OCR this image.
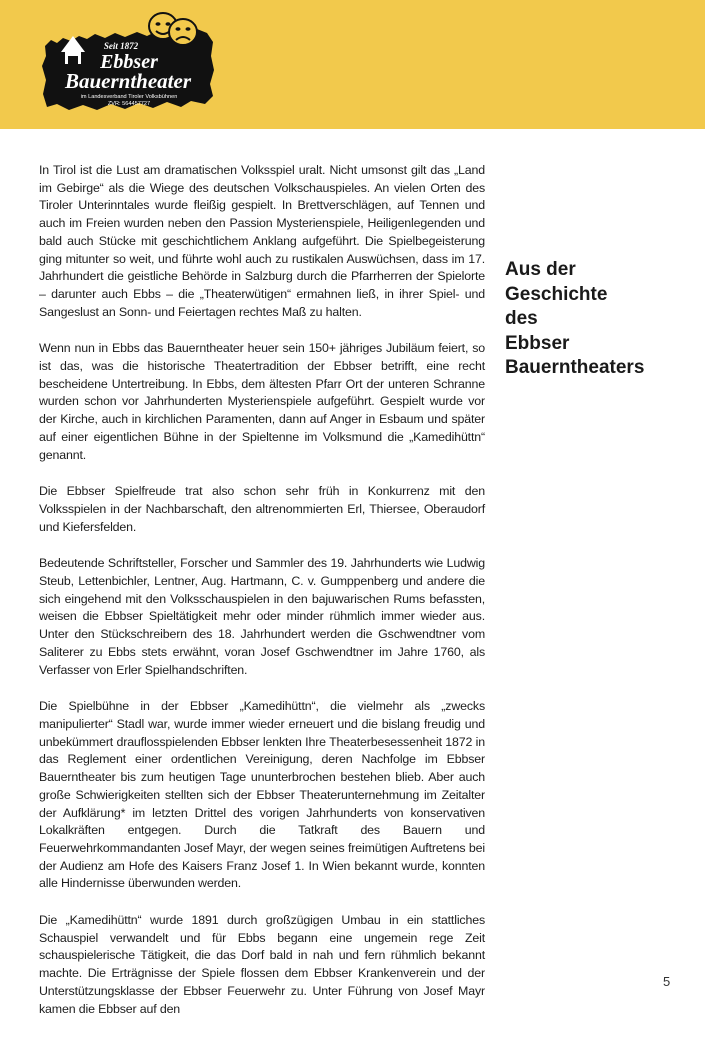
Seit 1872
Ebbser
Bauerntheater
im Landesverband Tiroler Volksbühnen
ZVR: 564457727

In Tirol ist die Lust am dramatischen Volksspiel uralt. Nicht umsonst gilt das „Land im Gebirge“ als die Wiege des deutschen Volkschauspieles. An vielen Orten des Tiroler Unterinntales wurde fleißig gespielt. In Brettverschlägen, auf Tennen und auch im Freien wurden neben den Passion Mysterienspiele, Heiligenlegenden und bald auch Stücke mit geschichtlichem Anklang aufgeführt. Die Spielbegeisterung ging mitunter so weit, und führte wohl auch zu rustikalen Auswüchsen, dass im 17. Jahrhundert die geistliche Behörde in Salzburg durch die Pfarrherren der Spielorte – darunter auch Ebbs – die „Theaterwütigen“ ermahnen ließ, in ihrer Spiel- und Sangeslust an Sonn- und Feiertagen rechtes Maß zu halten.

Wenn nun in Ebbs das Bauerntheater heuer sein 150+ jähriges Jubiläum feiert, so ist das, was die historische Theatertradition der Ebbser betrifft, eine recht bescheidene Untertreibung. In Ebbs, dem ältesten Pfarr Ort der unteren Schranne wurden schon vor Jahrhunderten Mysterienspiele aufgeführt. Gespielt wurde vor der Kirche, auch in kirchlichen Paramenten, dann auf Anger in Esbaum und später auf einer eigentlichen Bühne in der Spieltenne im Volksmund die „Kamedihüttn“ genannt.

Die Ebbser Spielfreude trat also schon sehr früh in Konkurrenz mit den Volksspielen in der Nachbarschaft, den altrenommierten Erl, Thiersee, Oberaudorf und Kiefersfelden.

Bedeutende Schriftsteller, Forscher und Sammler des 19. Jahrhunderts wie Ludwig Steub, Lettenbichler, Lentner, Aug. Hartmann, C. v. Gumppenberg und andere die sich eingehend mit den Volksschauspielen in den bajuwarischen Rums befassten, weisen die Ebbser Spieltätigkeit mehr oder minder rühmlich immer wieder aus. Unter den Stückschreibern des 18. Jahrhundert werden die Gschwendtner vom Saliterer zu Ebbs stets erwähnt, voran Josef Gschwendtner im Jahre 1760, als Verfasser von Erler Spielhandschriften.

Die Spielbühne in der Ebbser „Kamedihüttn“, die vielmehr als „zwecks manipulierter“ Stadl war, wurde immer wieder erneuert und die bislang freudig und unbekümmert drauflosspielenden Ebbser lenkten Ihre Theaterbesessenheit 1872 in das Reglement einer ordentlichen Vereinigung, deren Nachfolge im Ebbser Bauerntheater bis zum heutigen Tage ununterbrochen bestehen blieb. Aber auch große Schwierigkeiten stellten sich der Ebbser Theaterunternehmung im Zeitalter der Aufklärung* im letzten Drittel des vorigen Jahrhunderts von konservativen Lokalkräften entgegen. Durch die Tatkraft des Bauern und Feuerwehrkommandanten Josef Mayr, der wegen seines freimütigen Auftretens bei der Audienz am Hofe des Kaisers Franz Josef 1. In Wien bekannt wurde, konnten alle Hindernisse überwunden werden.

Die „Kamedihüttn“ wurde 1891 durch großzügigen Umbau in ein stattliches Schauspiel verwandelt und für Ebbs begann eine ungemein rege Zeit schauspielerische Tätigkeit, die das Dorf bald in nah und fern rühmlich bekannt machte. Die Erträgnisse der Spiele flossen dem Ebbser Krankenverein und der Unterstützungsklasse der Ebbser Feuerwehr zu. Unter Führung von Josef Mayr kamen die Ebbser auf den

Aus der
Geschichte
des
Ebbser
Bauerntheaters
5
